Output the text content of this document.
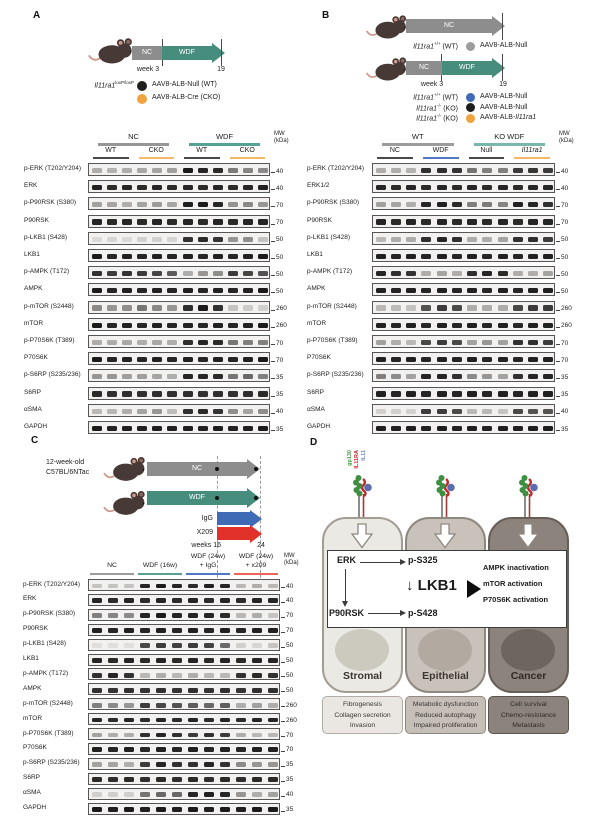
A
NC	WDF
week 3	19
$Il11ra1^{loxP/loxP}$	AAV8-ALB-Null (WT)
AAV8-ALB-Cre (CKO)
NC	WDF
WT	CKO	WT	CKO
MW
(kDa)
p-ERK (T202/Y204)	40
ERK	40
p-P90RSK (S380)	70
P90RSK	70
p-LKB1 (S428)	50
LKB1	50
p-AMPK (T172)	50
AMPK	50
p-mTOR (S2448)	260
mTOR	260
p-P70S6K (T389)	70
P70S6K	70
p-S6RP (S235/236)	35
S6RP	35
αSMA	40
GAPDH	35
B
NC
Il11ra1+/+ (WT)	AAV8-ALB-Null
NC	WDF
week 3	19
Il11ra1+/+ (WT)	AAV8-ALB-Null
Il11ra1-/- (KO)	AAV8-ALB-Null
Il11ra1-/- (KO)	AAV8-ALB-Il11ra1
WT	KO WDF
NC	WDF	Null	Il11ra1
MW
(kDa)
p-ERK (T202/Y204)	40
ERK1/2	40
p-P90RSK (S380)	70
P90RSK	70
p-LKB1 (S428)	50
LKB1	50
p-AMPK (T172)	50
AMPK	50
p-mTOR (S2448)	260
mTOR	260
p-P70S6K (T389)	70
P70S6K	70
p-S6RP (S235/236)	35
S6RP	35
αSMA	40
GAPDH	35
C
12-week-old
C57BL/6NTac
NC
WDF
IgG
X209
weeks 16	24
NC	WDF (16w)
WDF (24w)
+ IgG
WDF (24w)
+ x209
MW
(kDa)
p-ERK (T202/Y204)	40
ERK	40
p-P90RSK (S380)	70
P90RSK	70
p-LKB1 (S428)	50
LKB1	50
p-AMPK (T172)	50
AMPK	50
p-mTOR (S2448)	260
mTOR	260
p-P70S6K (T389)	70
P70S6K	70
p-S6RP (S235/236)	35
S6RP	35
αSMA	40
GAPDH	35
D
Stromal
Fibrogenesis
Collagen secretion
Invasion
Epithelial
Metabolic dysfunction
Reduced autophagy
Impaired proliferation
Cancer
Cell survival
Chemo-resistance
Metastasis
gp130 IL11RA IL11
ERK	p-S325
P90RSK	p-S428
↓ LKB1
AMPK inactivation
mTOR activation
P70S6K activation
